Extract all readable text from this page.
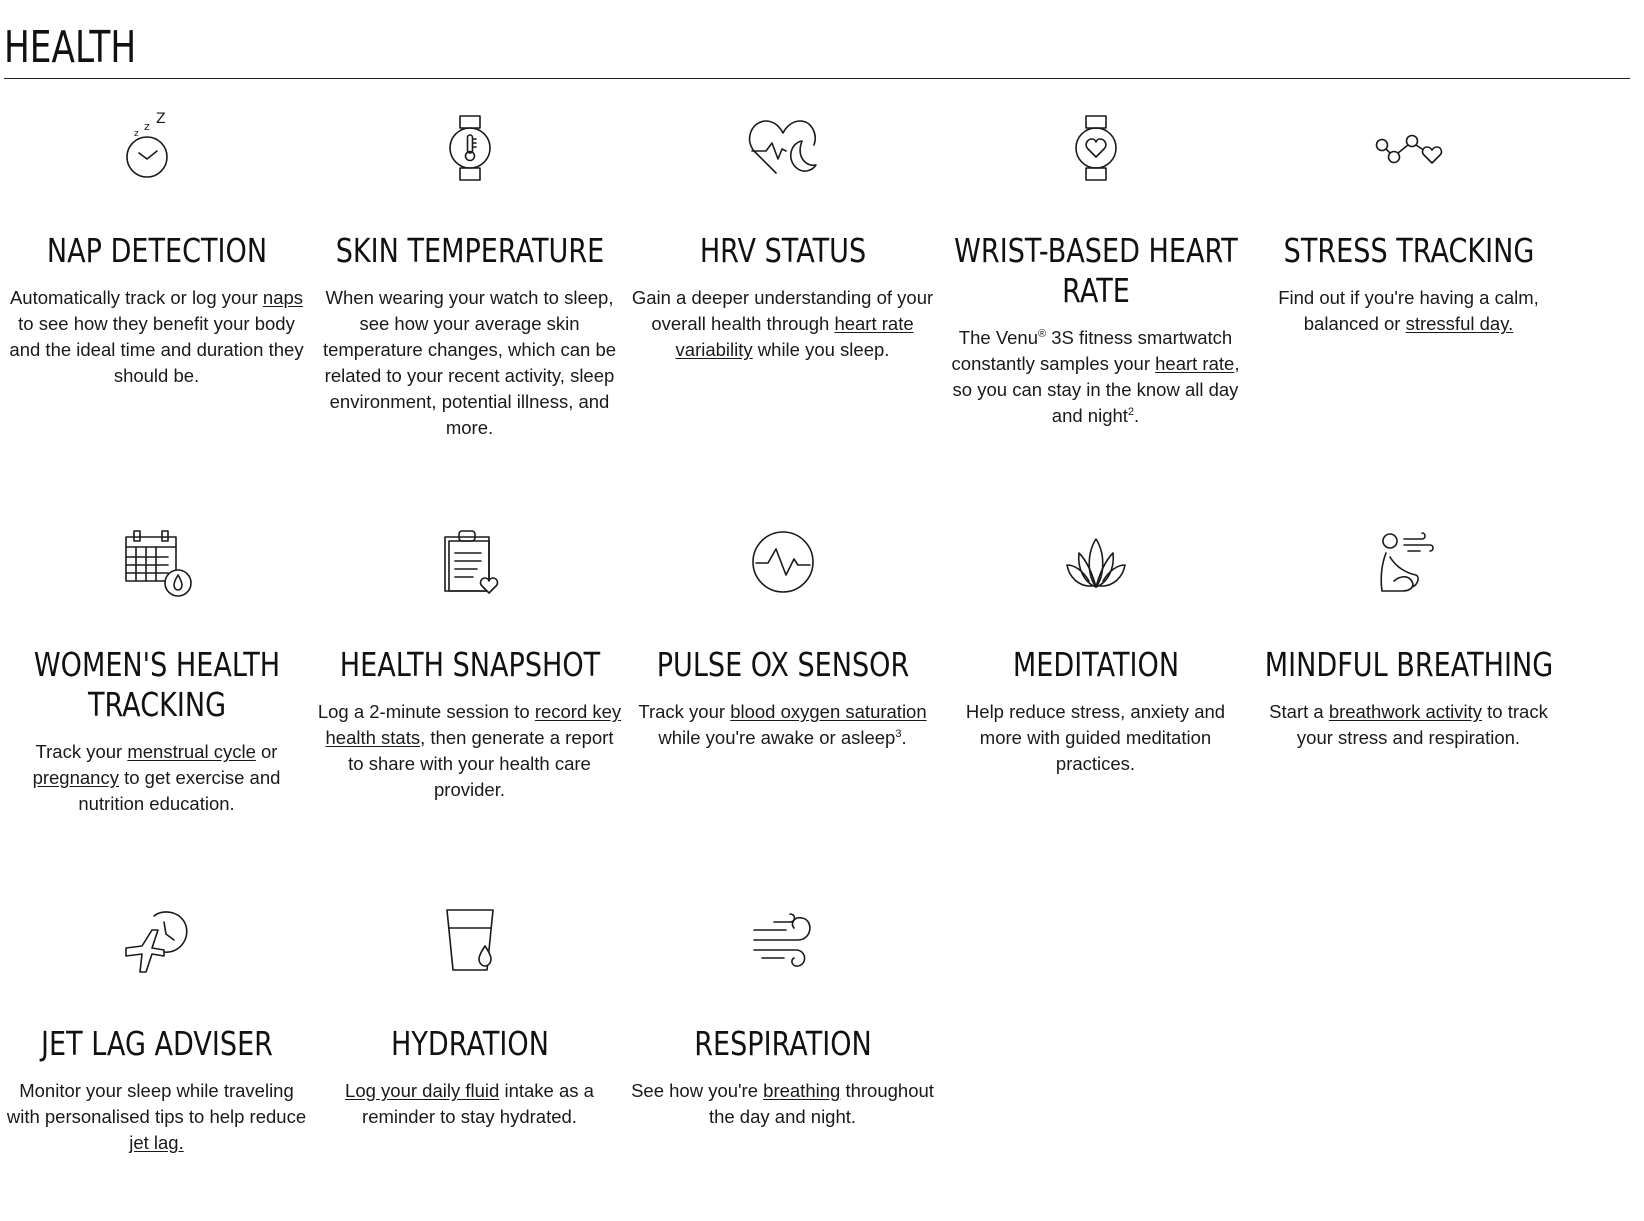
HEALTH
z
z Z
NAP DETECTION

Automatically track or log your naps to see how they benefit your body and the ideal time and duration they should be.

SKIN TEMPERATURE

When wearing your watch to sleep, see how your average skin temperature changes, which can be related to your recent activity, sleep environment, potential illness, and more.

HRV STATUS

Gain a deeper understanding of your overall health through heart rate variability while you sleep.

WRIST-BASED HEART RATE

The Venu® 3S fitness smartwatch constantly samples your heart rate, so you can stay in the know all day and night$^2$.

STRESS TRACKING

Find out if you're having a calm, balanced or stressful day.

WOMEN'S HEALTH TRACKING

Track your menstrual cycle or pregnancy to get exercise and nutrition education.

HEALTH SNAPSHOT

Log a 2-minute session to record key health stats, then generate a report to share with your health care provider.

PULSE OX SENSOR

Track your blood oxygen saturation while you're awake or asleep$^3$.

MEDITATION

Help reduce stress, anxiety and more with guided meditation practices.

MINDFUL BREATHING

Start a breathwork activity to track your stress and respiration.

JET LAG ADVISER

Monitor your sleep while traveling with personalised tips to help reduce jet lag.

HYDRATION

Log your daily fluid intake as a reminder to stay hydrated.

RESPIRATION

See how you're breathing throughout the day and night.
